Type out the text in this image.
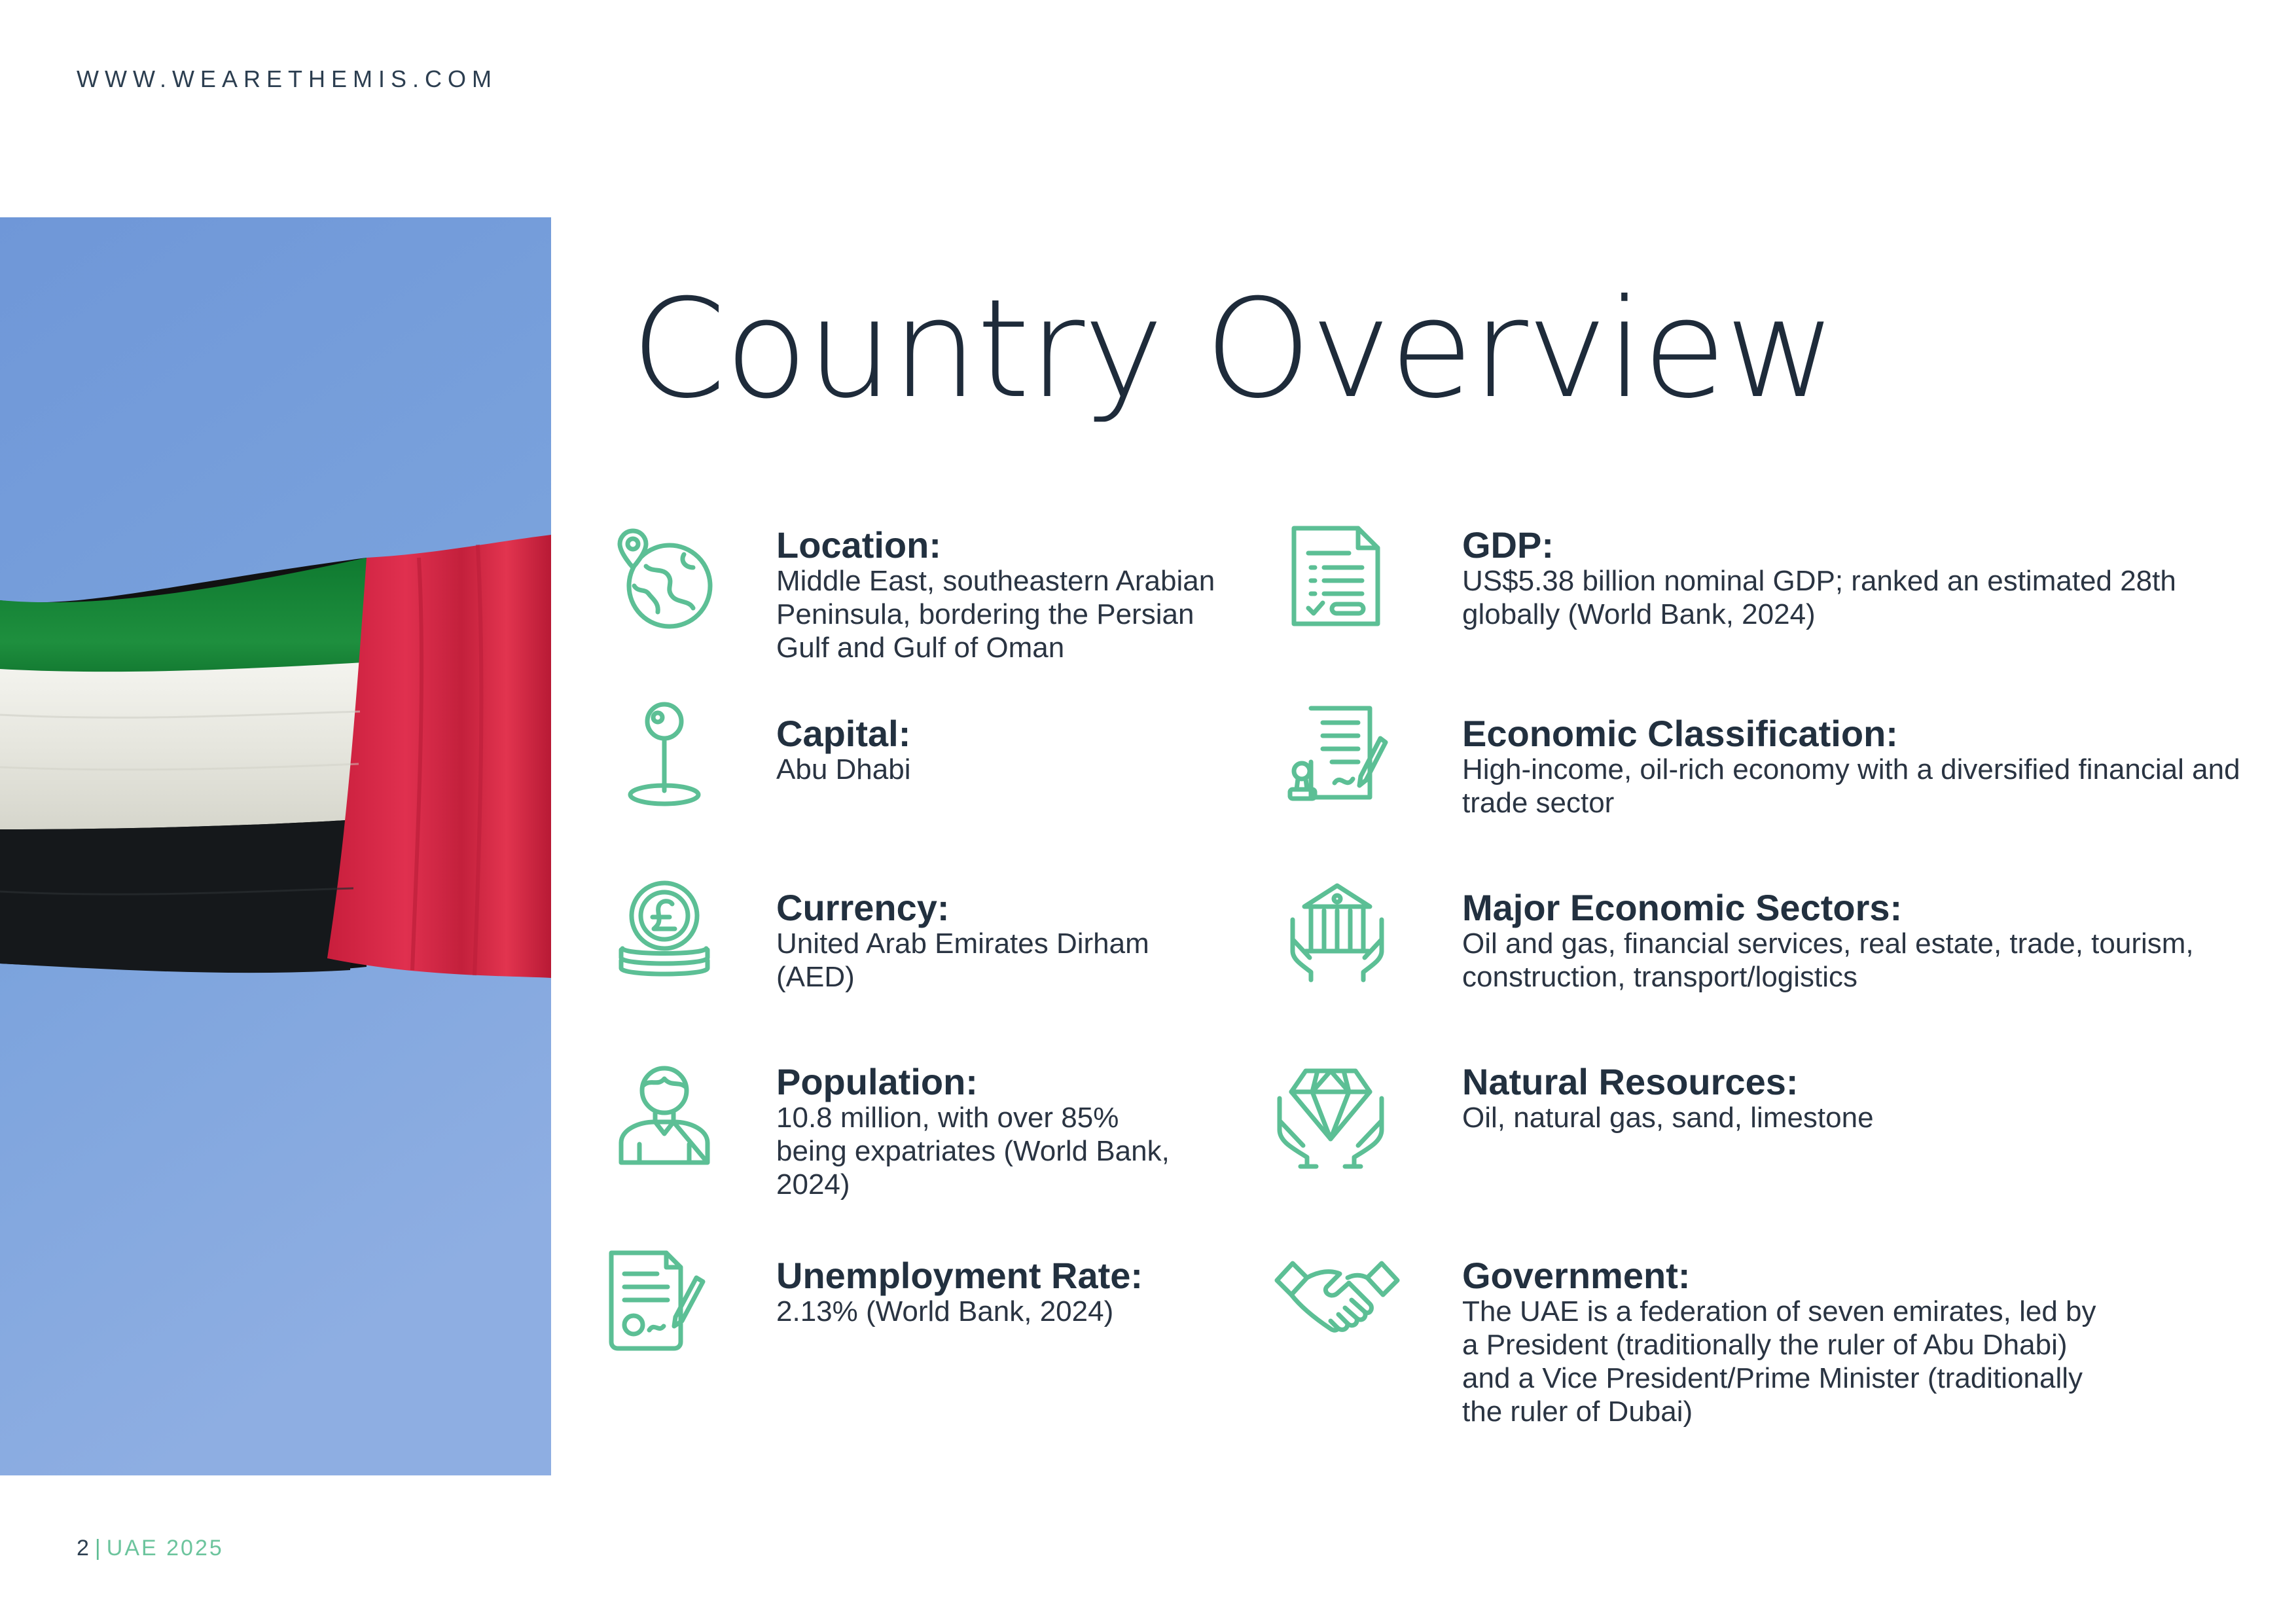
WWW.WEARETHEMIS.COM
Country Overview

Location:

Middle East, southeastern Arabian Peninsula, bordering the Persian Gulf and Gulf of Oman

Capital:

Abu Dhabi

Currency:

United Arab Emirates Dirham (AED)

Population:

10.8 million, with over 85% being expatriates (World Bank, 2024)

Unemployment Rate:

2.13% (World Bank, 2024)

GDP:

US$5.38 billion nominal GDP; ranked an estimated 28th globally (World Bank, 2024)

Economic Classification:

High-income, oil-rich economy with a diversified financial and trade sector

Major Economic Sectors:

Oil and gas, financial services, real estate, trade, tourism, construction, transport/logistics

Natural Resources:

Oil, natural gas, sand, limestone

Government:

The UAE is a federation of seven emirates, led by a President (traditionally the ruler of Abu Dhabi) and a Vice President/Prime Minister (traditionally the ruler of Dubai)

2 | UAE 2025
